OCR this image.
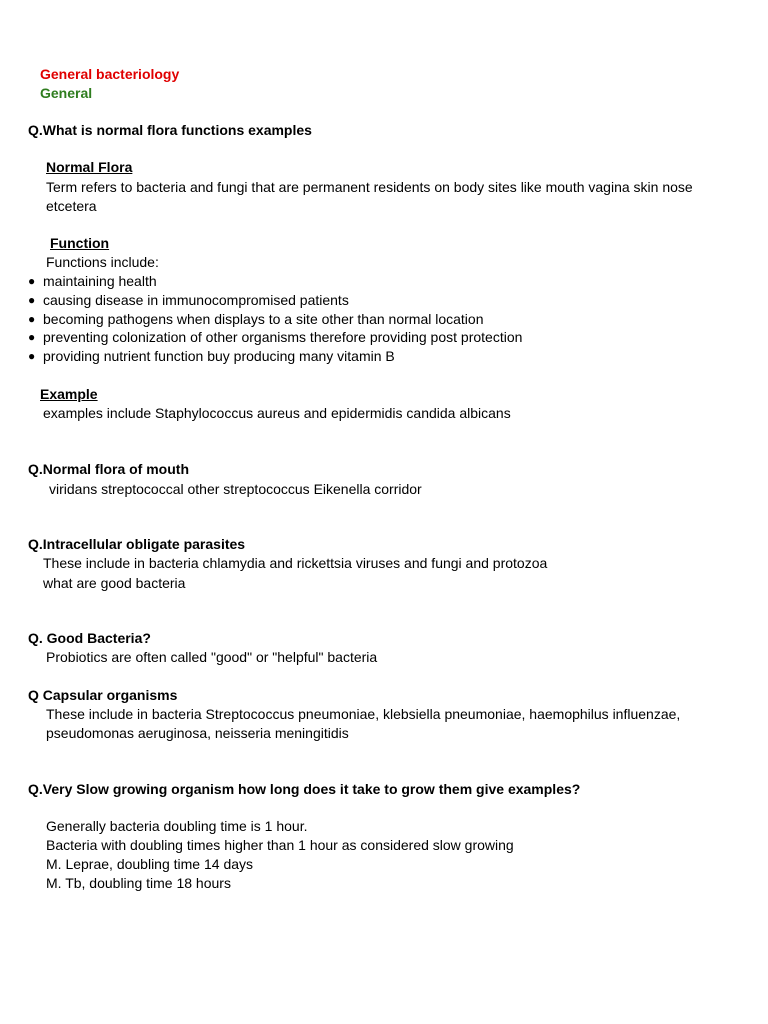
General bacteriology
General
Q.What is normal flora functions examples
Normal Flora
Term refers to bacteria and fungi that are permanent residents on body sites like mouth vagina skin nose
etcetera
Function
Functions include:
● maintaining health
● causing disease in immunocompromised patients
● becoming pathogens when displays to a site other than normal location
● preventing colonization of other organisms therefore providing post protection
● providing nutrient function buy producing many vitamin B
Example
examples include Staphylococcus aureus and epidermidis candida albicans
Q.Normal flora of mouth
viridans streptococcal other streptococcus Eikenella corridor
Q.Intracellular obligate parasites
These include in bacteria chlamydia and rickettsia viruses and fungi and protozoa
what are good bacteria
Q. Good Bacteria?
Probiotics are often called "good" or "helpful" bacteria
Q Capsular organisms
These include in bacteria Streptococcus pneumoniae, klebsiella pneumoniae, haemophilus influenzae,
pseudomonas aeruginosa, neisseria meningitidis
Q.Very Slow growing organism how long does it take to grow them give examples?
Generally bacteria doubling time is 1 hour.
Bacteria with doubling times higher than 1 hour as considered slow growing
M. Leprae, doubling time 14 days
M. Tb, doubling time 18 hours
